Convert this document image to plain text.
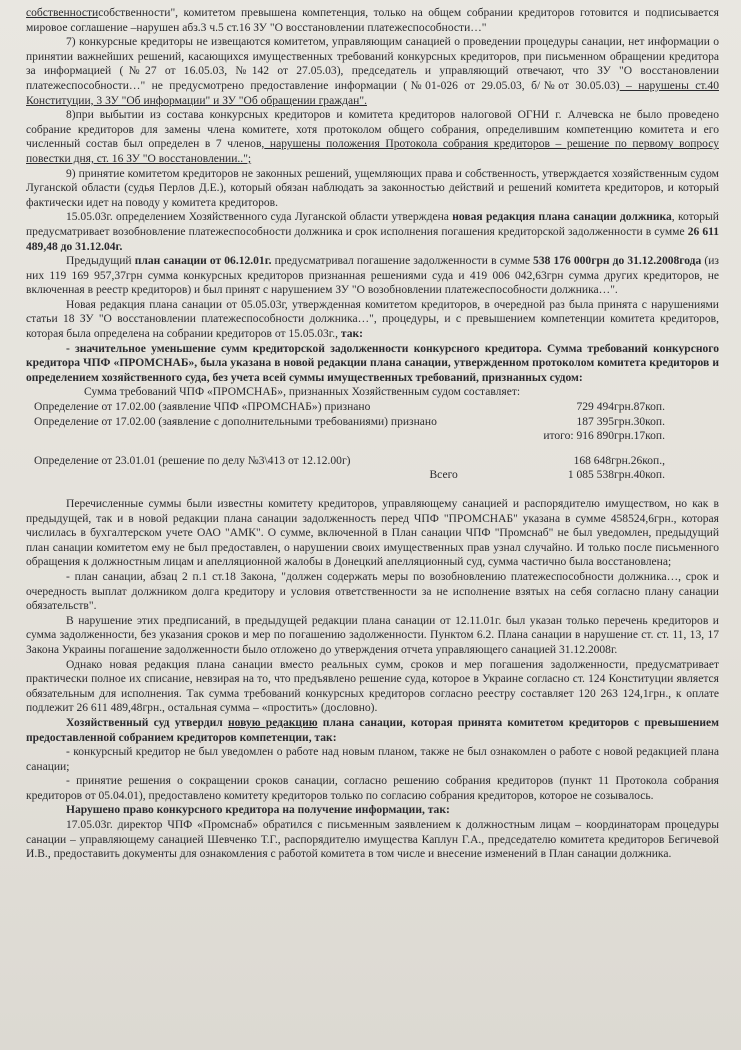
собственностисобственности", комитетом превышена компетенция, только на общем собрании кредиторов готовится и подписывается мировое соглашение –нарушен абз.3 ч.5 ст.16 ЗУ "О восстановлении платежеспособности…"

7) конкурсные кредиторы не извещаются комитетом, управляющим санацией о проведении процедуры санации, нет информации о принятии важнейших решений, касающихся имущественных требований конкурсных кредиторов, при письменном обращении кредитора за информацией (№27 от 16.05.03, №142 от 27.05.03), председатель и управляющий отвечают, что ЗУ "О восстановлении платежеспособности…" не предусмотрено предоставление информации (№01-026 от 29.05.03, б/№от 30.05.03) – нарушены ст.40 Конституции, 3 ЗУ "Об информации" и ЗУ "Об обращении граждан".

8)при выбытии из состава конкурсных кредиторов и комитета кредиторов налоговой ОГНИ г. Алчевска не было проведено собрание кредиторов для замены члена комитете, хотя протоколом общего собрания, определившим компетенцию комитета и его численный состав был определен в 7 членов, нарушены положения Протокола собрания кредиторов – решение по первому вопросу повестки дня, ст. 16 ЗУ "О восстановлении..";

9) принятие комитетом кредиторов не законных решений, ущемляющих права и собственность, утверждается хозяйственным судом Луганской области (судья Перлов Д.Е.), который обязан наблюдать за законностью действий и решений комитета кредиторов, и который фактически идет на поводу у комитета кредиторов.

15.05.03г. определением Хозяйственного суда Луганской области утверждена новая редакция плана санации должника, который предусматривает возобновление платежеспособности должника и срок исполнения погашения кредиторской задолженности в сумме 26 611 489,48 до 31.12.04г.

Предыдущий план санации от 06.12.01г. предусматривал погашение задолженности в сумме 538 176 000грн до 31.12.2008года (из них 119 169 957,37грн сумма конкурсных кредиторов признанная решениями суда и 419 006 042,63грн сумма других кредиторов, не включенная в реестр кредиторов) и был принят с нарушением ЗУ "О возобновлении платежеспособности должника…".

Новая редакция плана санации от 05.05.03г, утвержденная комитетом кредиторов, в очередной раз была принята с нарушениями статьи 18 ЗУ "О восстановлении платежеспособности должника…", процедуры, и с превышением компетенции комитета кредиторов, которая была определена на собрании кредиторов от 15.05.03г., так:

- значительное уменьшение сумм кредиторской задолженности конкурсного кредитора. Сумма требований конкурсного кредитора ЧПФ «ПРОМСНАБ», была указана в новой редакции плана санации, утвержденном протоколом комитета кредиторов и определением хозяйственного суда, без учета всей суммы имущественных требований, признанных судом:

Сумма требований ЧПФ «ПРОМСНАБ», признанных Хозяйственным судом составляет:
Определение от 17.02.00 (заявление ЧПФ «ПРОМСНАБ») признано	729 494грн.87коп.
Определение от 17.02.00 (заявление с дополнительными требованиями) признано	187 395грн.30коп.
итого: 916 890грн.17коп.
Определение от 23.01.01 (решение по делу №3\413 от 12.12.00г)	168 648грн.26коп.,
Всего	1 085 538грн.40коп.

Перечисленные суммы были известны комитету кредиторов, управляющему санацией и распорядителю имуществом, но как в предыдущей, так и в новой редакции плана санации задолженность перед ЧПФ "ПРОМСНАБ" указана в сумме 458524,6грн., которая числилась в бухгалтерском учете ОАО "АМК". О сумме, включенной в План санации ЧПФ "Промснаб" не был уведомлен, предыдущий план санации комитетом ему не был предоставлен, о нарушении своих имущественных прав узнал случайно. И только после письменного обращения к должностным лицам и апелляционной жалобы в Донецкий апелляционный суд, сумма частично была восстановлена;

- план санации, абзац 2 п.1 ст.18 Закона, "должен содержать меры по возобновлению платежеспособности должника…, срок и очередность выплат должником долга кредитору и условия ответственности за не исполнение взятых на себя согласно плану санации обязательств".

В нарушение этих предписаний, в предыдущей редакции плана санации от 12.11.01г. был указан только перечень кредиторов и сумма задолженности, без указания сроков и мер по погашению задолженности. Пунктом 6.2. Плана санации в нарушение ст. ст. 11, 13, 17 Закона Украины погашение задолженности было отложено до утверждения отчета управляющего санацией 31.12.2008г.

Однако новая редакция плана санации вместо реальных сумм, сроков и мер погашения задолженности, предусматривает практически полное их списание, невзирая на то, что предъявлено решение суда, которое в Украине согласно ст. 124 Конституции является обязательным для исполнения. Так сумма требований конкурсных кредиторов согласно реестру составляет 120 263 124,1грн., к оплате подлежит 26 611 489,48грн., остальная сумма – «простить» (дословно).

Хозяйственный суд утвердил новую редакцию плана санации, которая принята комитетом кредиторов с превышением предоставленной собранием кредиторов компетенции, так:

- конкурсный кредитор не был уведомлен о работе над новым планом, также не был ознакомлен о работе с новой редакцией плана санации;

- принятие решения о сокращении сроков санации, согласно решению собрания кредиторов (пункт 11 Протокола собрания кредиторов от 05.04.01), предоставлено комитету кредиторов только по согласию собрания кредиторов, которое не созывалось.

Нарушено право конкурсного кредитора на получение информации, так:

17.05.03г. директор ЧПФ «Промснаб» обратился с письменным заявлением к должностным лицам – координаторам процедуры санации – управляющему санацией Шевченко Т.Г., распорядителю имущества Каплун Г.А., председателю комитета кредиторов Бегичевой И.В., предоставить документы для ознакомления с работой комитета в том числе и внесение изменений в План санации должника.
